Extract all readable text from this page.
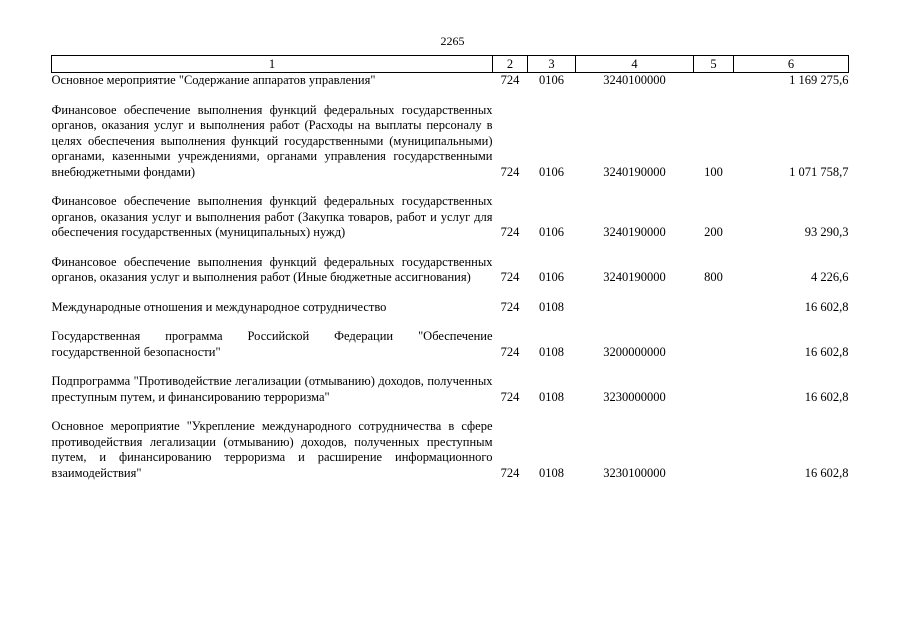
2265
1	2	3	4	5	6
Основное мероприятие "Содержание аппаратов управления"	724	0106	3240100000		1 169 275,6
Финансовое обеспечение выполнения функций федеральных государственных органов, оказания услуг и выполнения работ (Расходы на выплаты персоналу в целях обеспечения выполнения функций государственными (муниципальными) органами, казенными учреждениями, органами управления государственными внебюджетными фондами)	724	0106	3240190000	100	1 071 758,7
Финансовое обеспечение выполнения функций федеральных государственных органов, оказания услуг и выполнения работ (Закупка товаров, работ и услуг для обеспечения государственных (муниципальных) нужд)	724	0106	3240190000	200	93 290,3
Финансовое обеспечение выполнения функций федеральных государственных органов, оказания услуг и выполнения работ (Иные бюджетные ассигнования)	724	0106	3240190000	800	4 226,6
Международные отношения и международное сотрудничество	724	0108			16 602,8
Государственная программа Российской Федерации "Обеспечение государственной безопасности"	724	0108	3200000000		16 602,8
Подпрограмма "Противодействие легализации (отмыванию) доходов, полученных преступным путем, и финансированию терроризма"	724	0108	3230000000		16 602,8
Основное мероприятие "Укрепление международного сотрудничества в сфере противодействия легализации (отмыванию) доходов, полученных преступным путем, и финансированию терроризма и расширение информационного взаимодействия"	724	0108	3230100000		16 602,8
